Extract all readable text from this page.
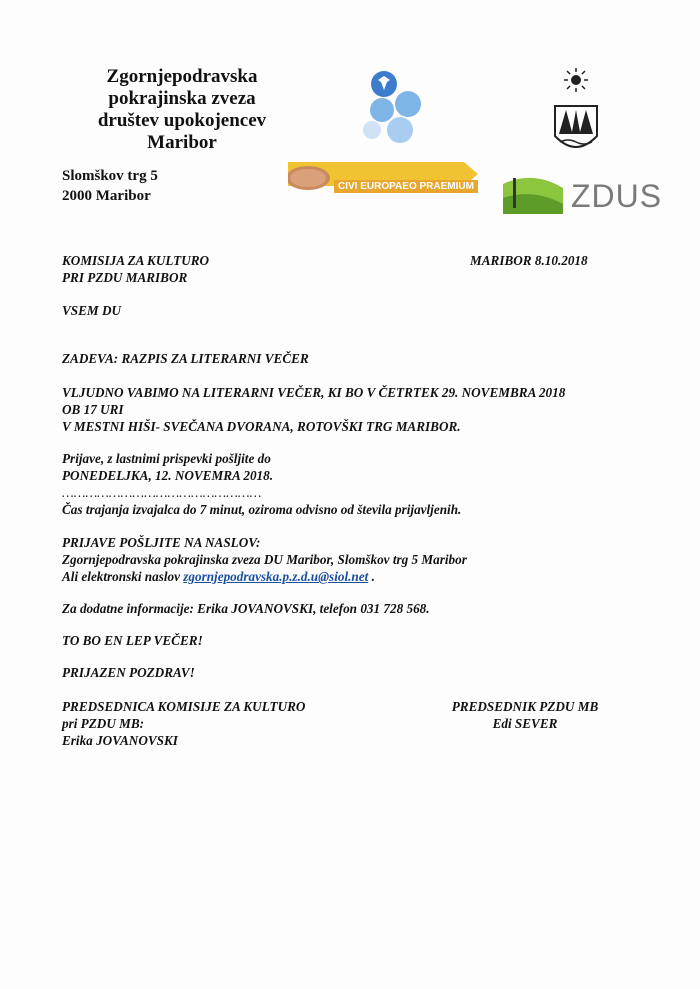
Zgornjepodravska
pokrajinska zveza
društev upokojencev
Maribor
Slomškov trg 5
2000 Maribor
CIVI EUROPAEO PRAEMIUM	ZDUS
KOMISIJA ZA KULTURO
PRI PZDU MARIBOR
MARIBOR 8.10.2018
VSEM DU
ZADEVA: RAZPIS ZA LITERARNI VEČER
VLJUDNO VABIMO NA LITERARNI VEČER, KI BO V ČETRTEK 29. NOVEMBRA 2018
OB 17 URI
V MESTNI HIŠI- SVEČANA DVORANA, ROTOVŠKI TRG MARIBOR.
Prijave, z lastnimi prispevki pošljite do
PONEDELJKA, 12. NOVEMRA 2018.
……………………………………………
Čas trajanja izvajalca do 7 minut, oziroma odvisno od števila prijavljenih.
PRIJAVE POŠLJITE NA NASLOV:
Zgornjepodravska pokrajinska zveza DU Maribor, Slomškov trg 5 Maribor
Ali elektronski naslov zgornjepodravska.p.z.d.u@siol.net .
Za dodatne informacije: Erika JOVANOVSKI, telefon 031 728 568.
TO BO EN LEP VEČER!
PRIJAZEN POZDRAV!
PREDSEDNICA KOMISIJE ZA KULTURO
pri PZDU MB:
Erika JOVANOVSKI
PREDSEDNIK PZDU MB
Edi SEVER
